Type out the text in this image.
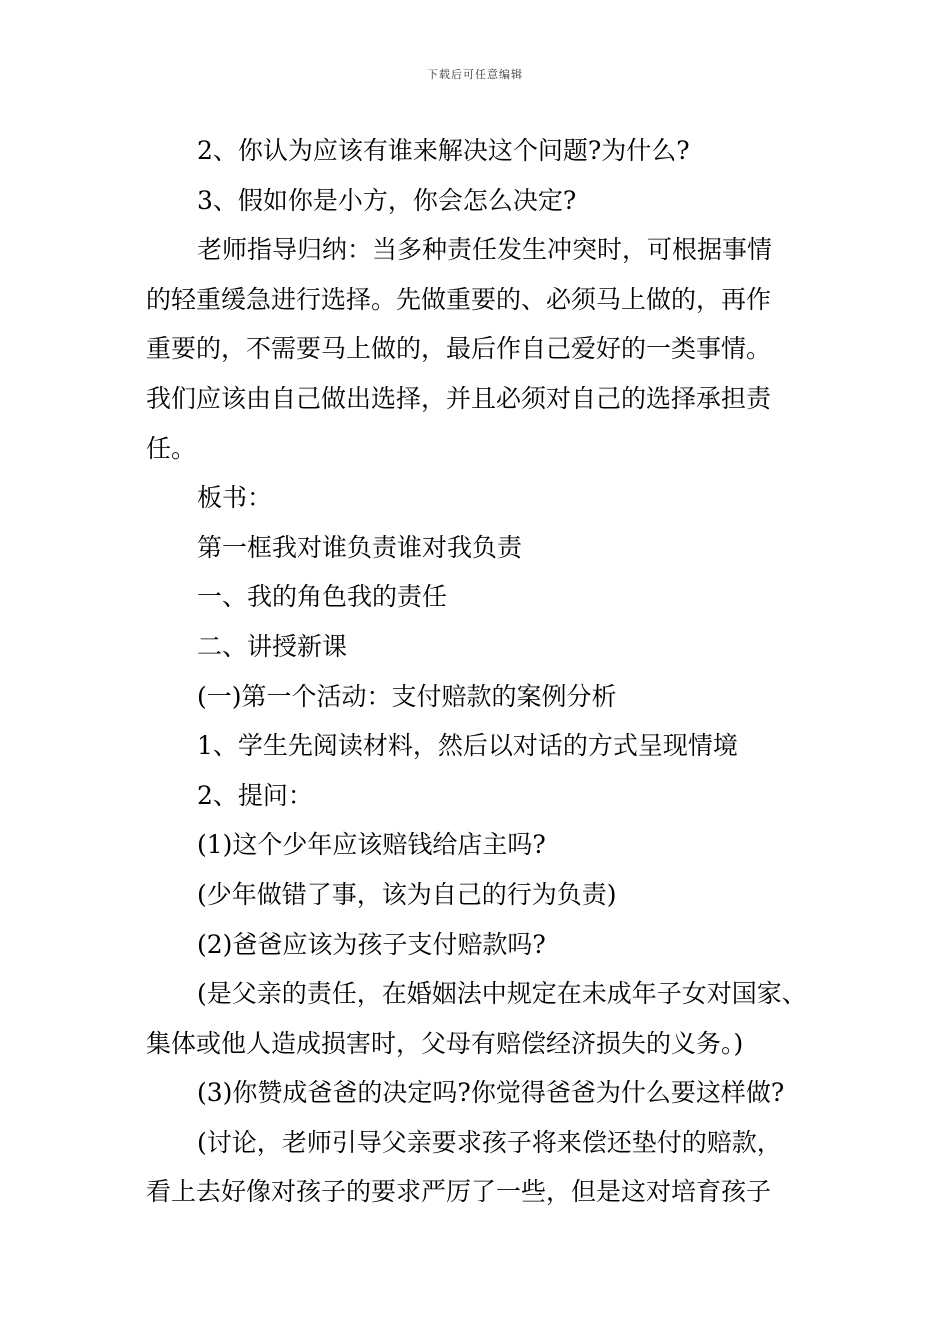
下载后可任意编辑
2、你认为应该有谁来解决这个问题?为什么?
3、假如你是小方，你会怎么决定?
老师指导归纳：当多种责任发生冲突时，可根据事情
的轻重缓急进行选择。先做重要的、必须马上做的，再作
重要的，不需要马上做的，最后作自己爱好的一类事情。
我们应该由自己做出选择，并且必须对自己的选择承担责
任。
板书：
第一框我对谁负责谁对我负责
一、我的角色我的责任
二、讲授新课
(一)第一个活动：支付赔款的案例分析
1、学生先阅读材料，然后以对话的方式呈现情境
2、提问：
(1)这个少年应该赔钱给店主吗?
(少年做错了事，该为自己的行为负责)
(2)爸爸应该为孩子支付赔款吗?
(是父亲的责任，在婚姻法中规定在未成年子女对国家、
集体或他人造成损害时，父母有赔偿经济损失的义务。)
(3)你赞成爸爸的决定吗?你觉得爸爸为什么要这样做?
(讨论，老师引导父亲要求孩子将来偿还垫付的赔款，
看上去好像对孩子的要求严厉了一些，但是这对培育孩子
